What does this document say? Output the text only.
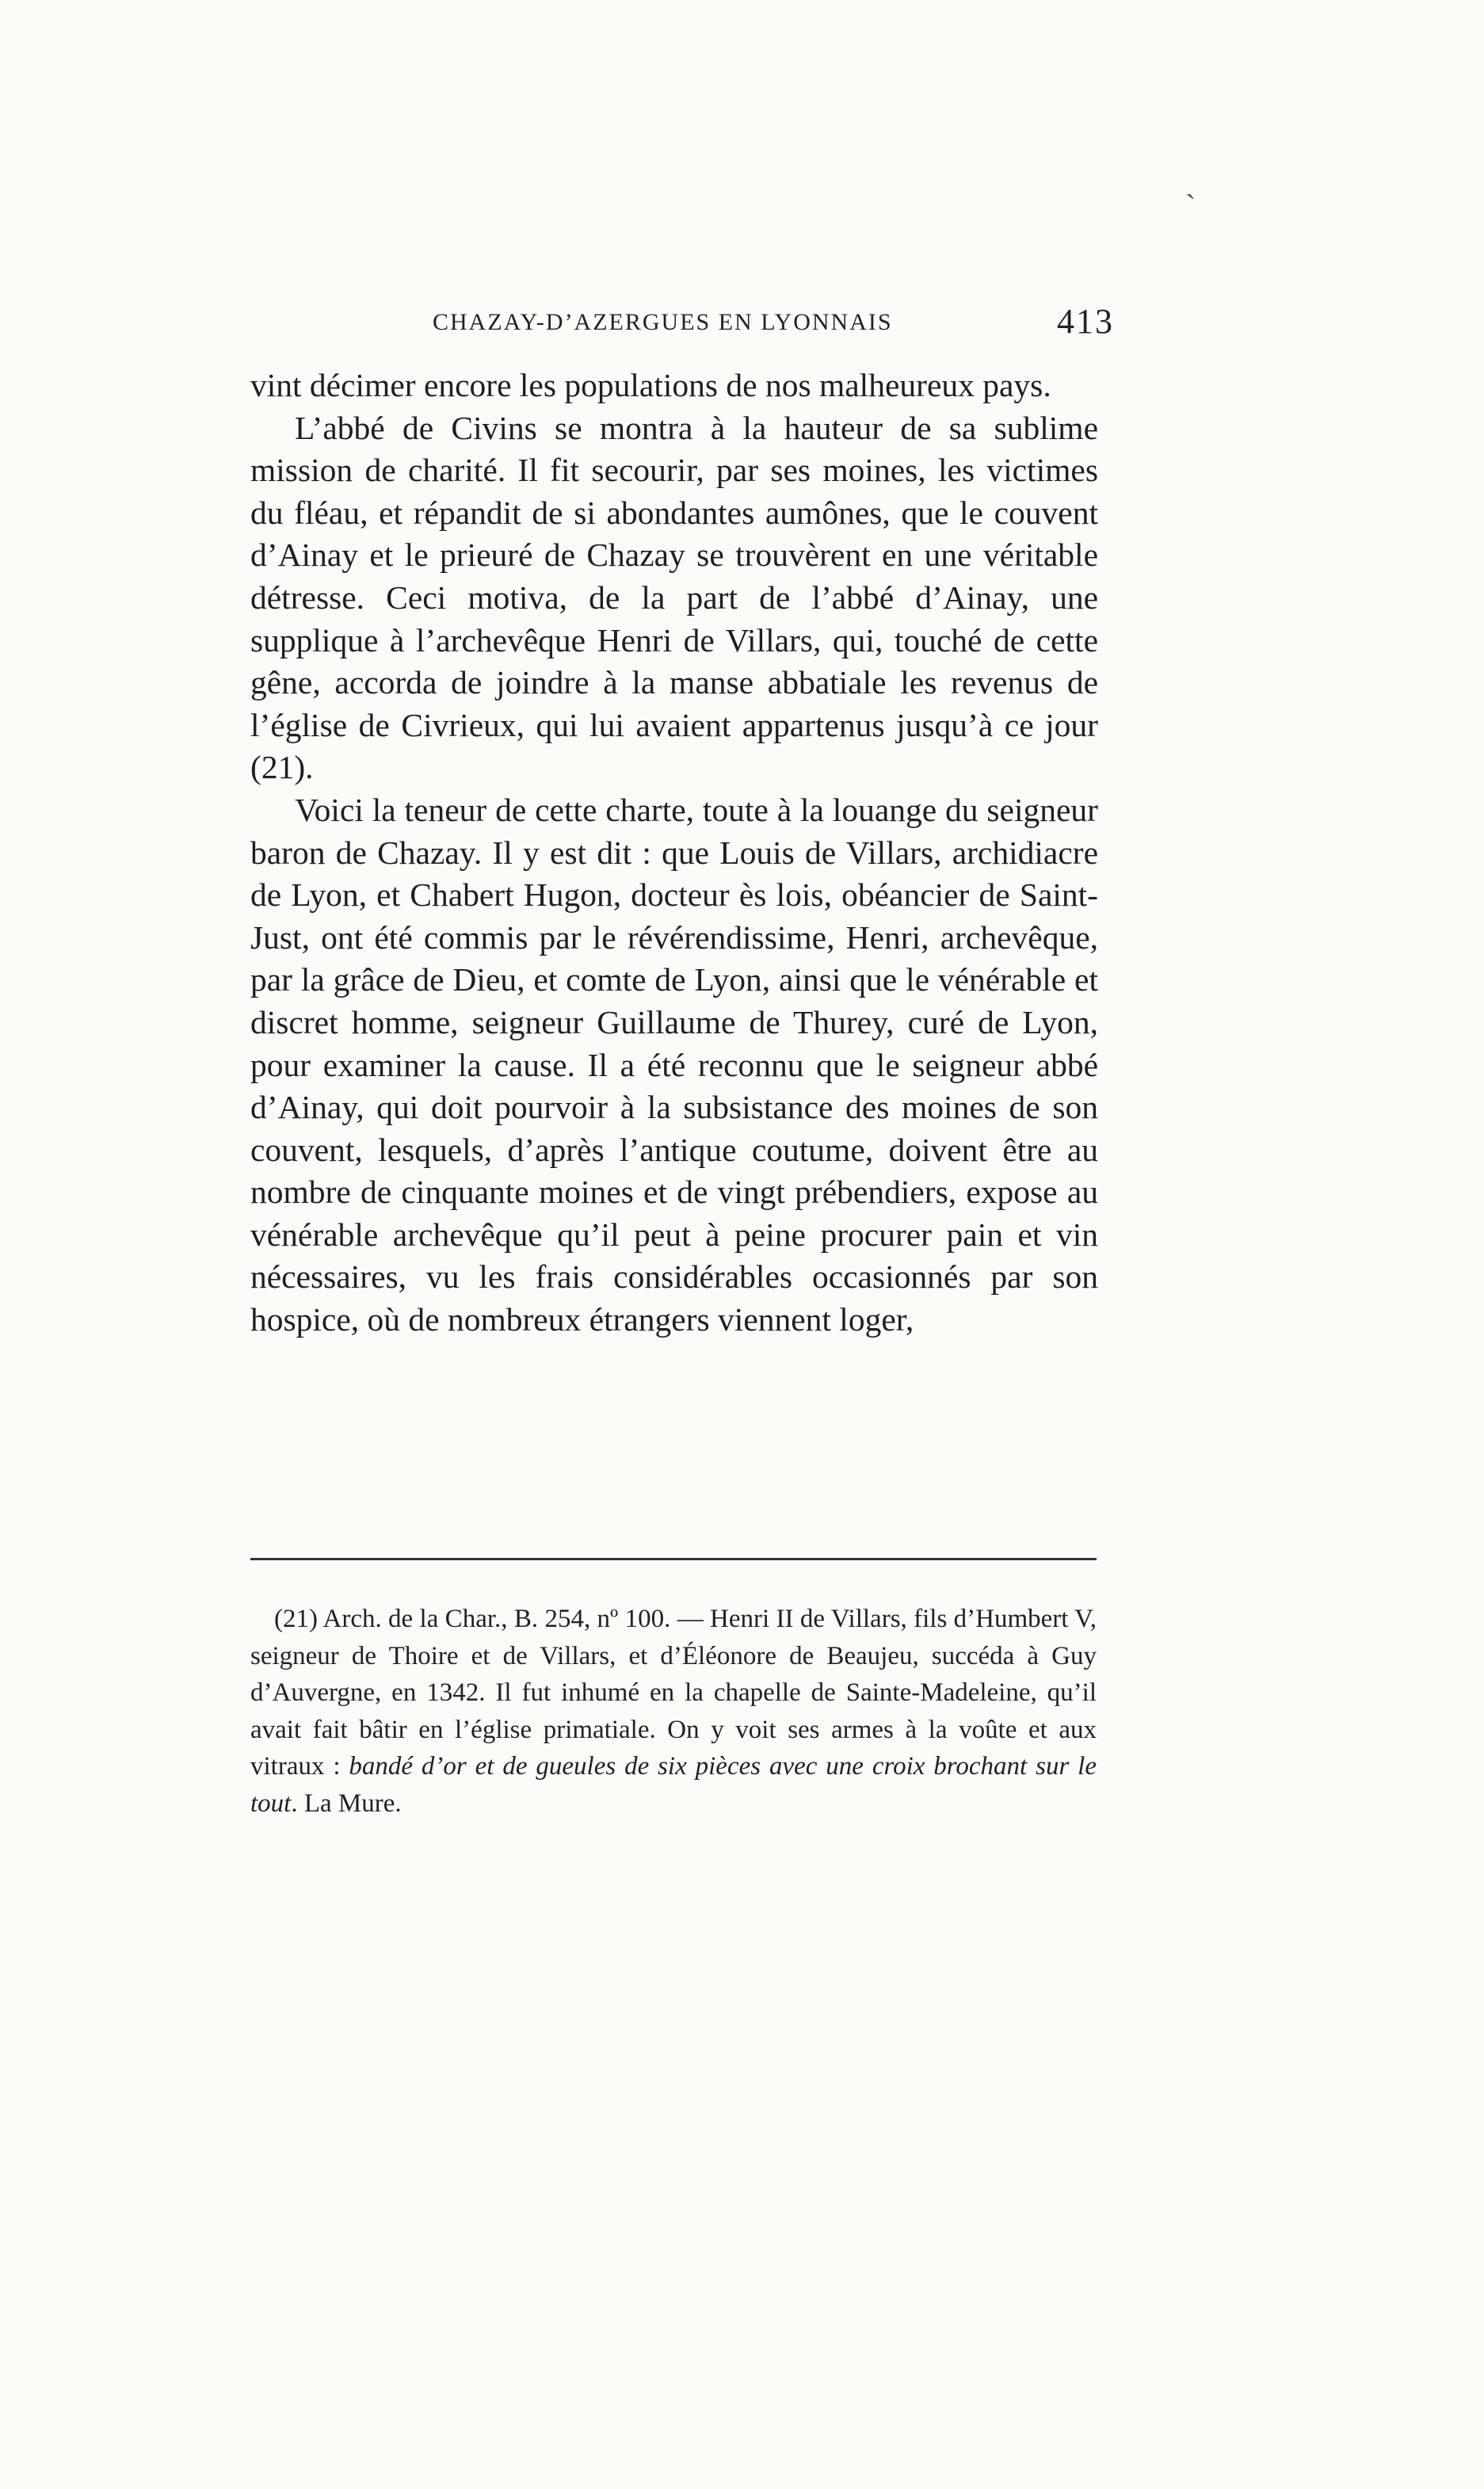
`
CHAZAY-D’AZERGUES EN LYONNAIS	413

vint décimer encore les populations de nos malheureux pays.

L’abbé de Civins se montra à la hauteur de sa sublime mission de charité. Il fit secourir, par ses moines, les victimes du fléau, et répandit de si abondantes aumônes, que le couvent d’Ainay et le prieuré de Chazay se trouvèrent en une véritable détresse. Ceci motiva, de la part de l’abbé d’Ainay, une supplique à l’archevêque Henri de Villars, qui, touché de cette gêne, accorda de joindre à la manse abbatiale les revenus de l’église de Civrieux, qui lui avaient appartenus jusqu’à ce jour (21).

Voici la teneur de cette charte, toute à la louange du seigneur baron de Chazay. Il y est dit : que Louis de Villars, archidiacre de Lyon, et Chabert Hugon, docteur ès lois, obéancier de Saint-Just, ont été commis par le révérendissime, Henri, archevêque, par la grâce de Dieu, et comte de Lyon, ainsi que le vénérable et discret homme, seigneur Guillaume de Thurey, curé de Lyon, pour examiner la cause. Il a été reconnu que le seigneur abbé d’Ainay, qui doit pourvoir à la subsistance des moines de son couvent, lesquels, d’après l’antique coutume, doivent être au nombre de cinquante moines et de vingt prébendiers, expose au vénérable archevêque qu’il peut à peine procurer pain et vin nécessaires, vu les frais considérables occasionnés par son hospice, où de nombreux étrangers viennent loger,

(21) Arch. de la Char., B. 254, nº 100. — Henri II de Villars, fils d’Humbert V, seigneur de Thoire et de Villars, et d’Éléonore de Beaujeu, succéda à Guy d’Auvergne, en 1342. Il fut inhumé en la chapelle de Sainte-Madeleine, qu’il avait fait bâtir en l’église primatiale. On y voit ses armes à la voûte et aux vitraux : bandé d’or et de gueules de six pièces avec une croix brochant sur le tout. La Mure.
